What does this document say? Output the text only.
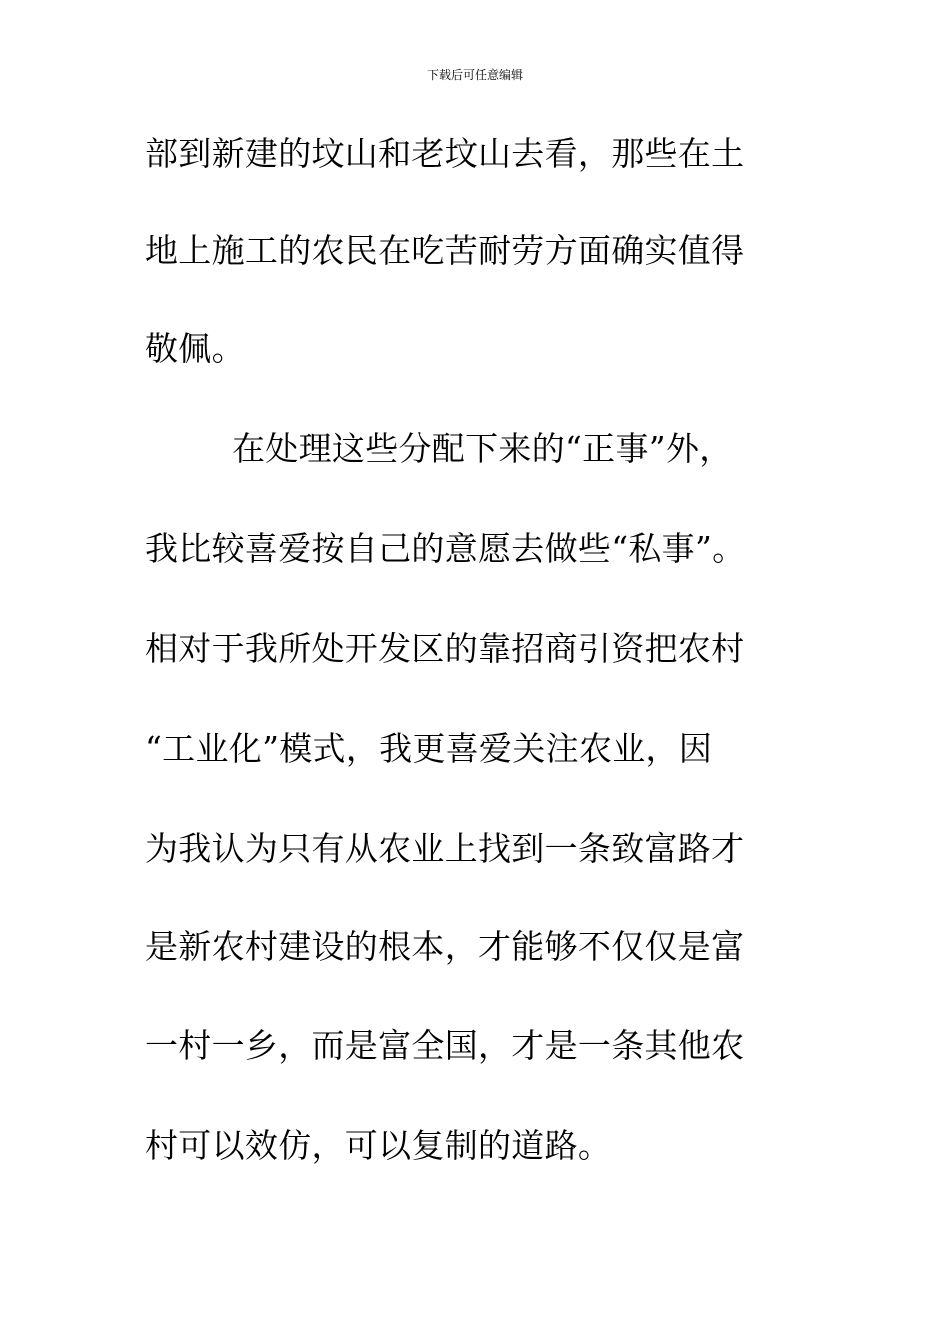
下载后可任意编辑
部到新建的坟山和老坟山去看，那些在土
地上施工的农民在吃苦耐劳方面确实值得
敬佩。
在处理这些分配下来的“正事”外，
我比较喜爱按自己的意愿去做些“私事”。
相对于我所处开发区的靠招商引资把农村
“工业化”模式，我更喜爱关注农业，因
为我认为只有从农业上找到一条致富路才
是新农村建设的根本，才能够不仅仅是富
一村一乡，而是富全国，才是一条其他农
村可以效仿，可以复制的道路。
